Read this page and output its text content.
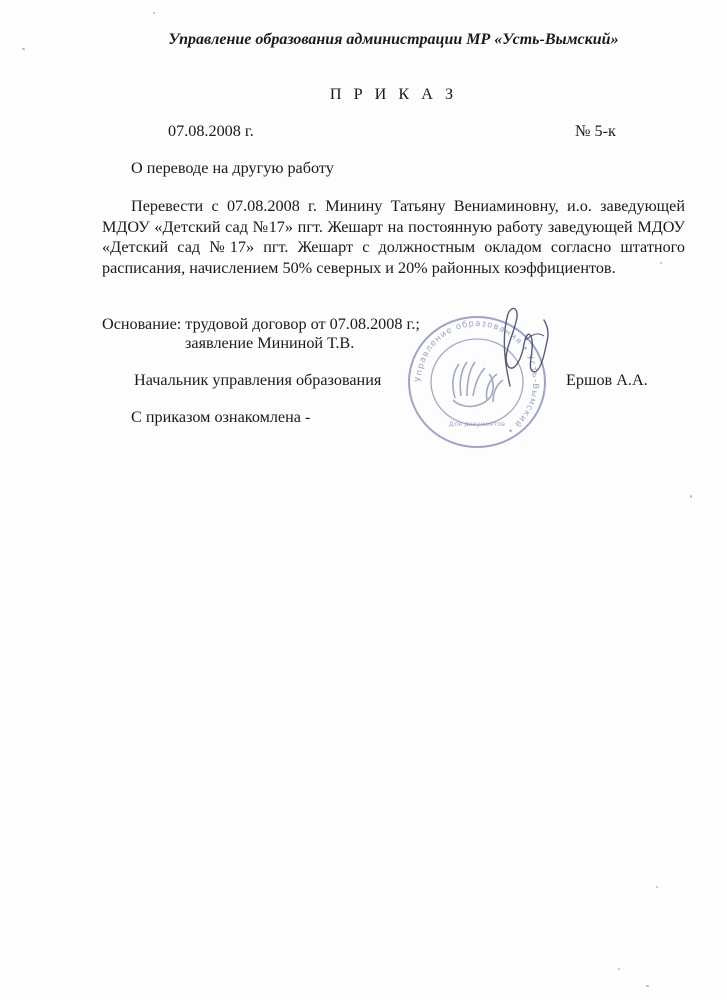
Управление образования администрации МР «Усть-Вымский»
П Р И К А З
07.08.2008 г.	№ 5-к
О переводе на другую работу
Перевести с 07.08.2008 г. Минину Татьяну Вениаминовну, и.о. заведующей МДОУ «Детский сад №17» пгт. Жешарт на постоянную работу заведующей МДОУ «Детский сад №17» пгт. Жешарт с должностным окладом согласно штатного расписания, начислением 50% северных и 20% районных коэффициентов.
Основание: трудовой договор от 07.08.2008 г.;
заявление Мининой Т.В.
Начальник управления образования	Ершов А.А.
С приказом ознакомлена -
Управление образования • Усть-Вымский •
Для документов
